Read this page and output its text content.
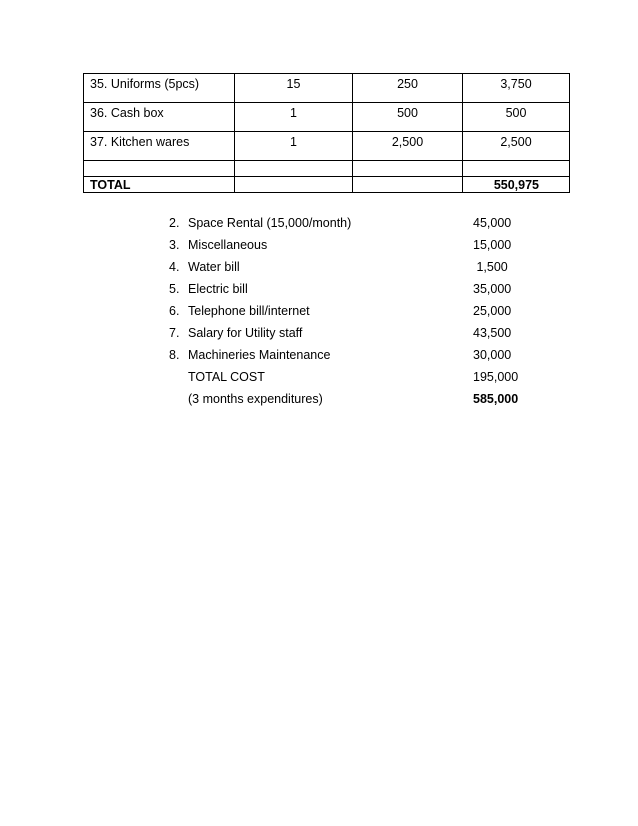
35. Uniforms (5pcs)	15	250	3,750
36. Cash box	1	500	500
37. Kitchen wares	1	2,500	2,500

TOTAL			550,975
2. Space Rental (15,000/month)	45,000
3. Miscellaneous	15,000
4. Water bill	1,500
5. Electric bill	35,000
6. Telephone bill/internet	25,000
7. Salary for Utility staff	43,500
8. Machineries Maintenance	30,000
TOTAL COST	195,000
(3 months expenditures)	585,000
